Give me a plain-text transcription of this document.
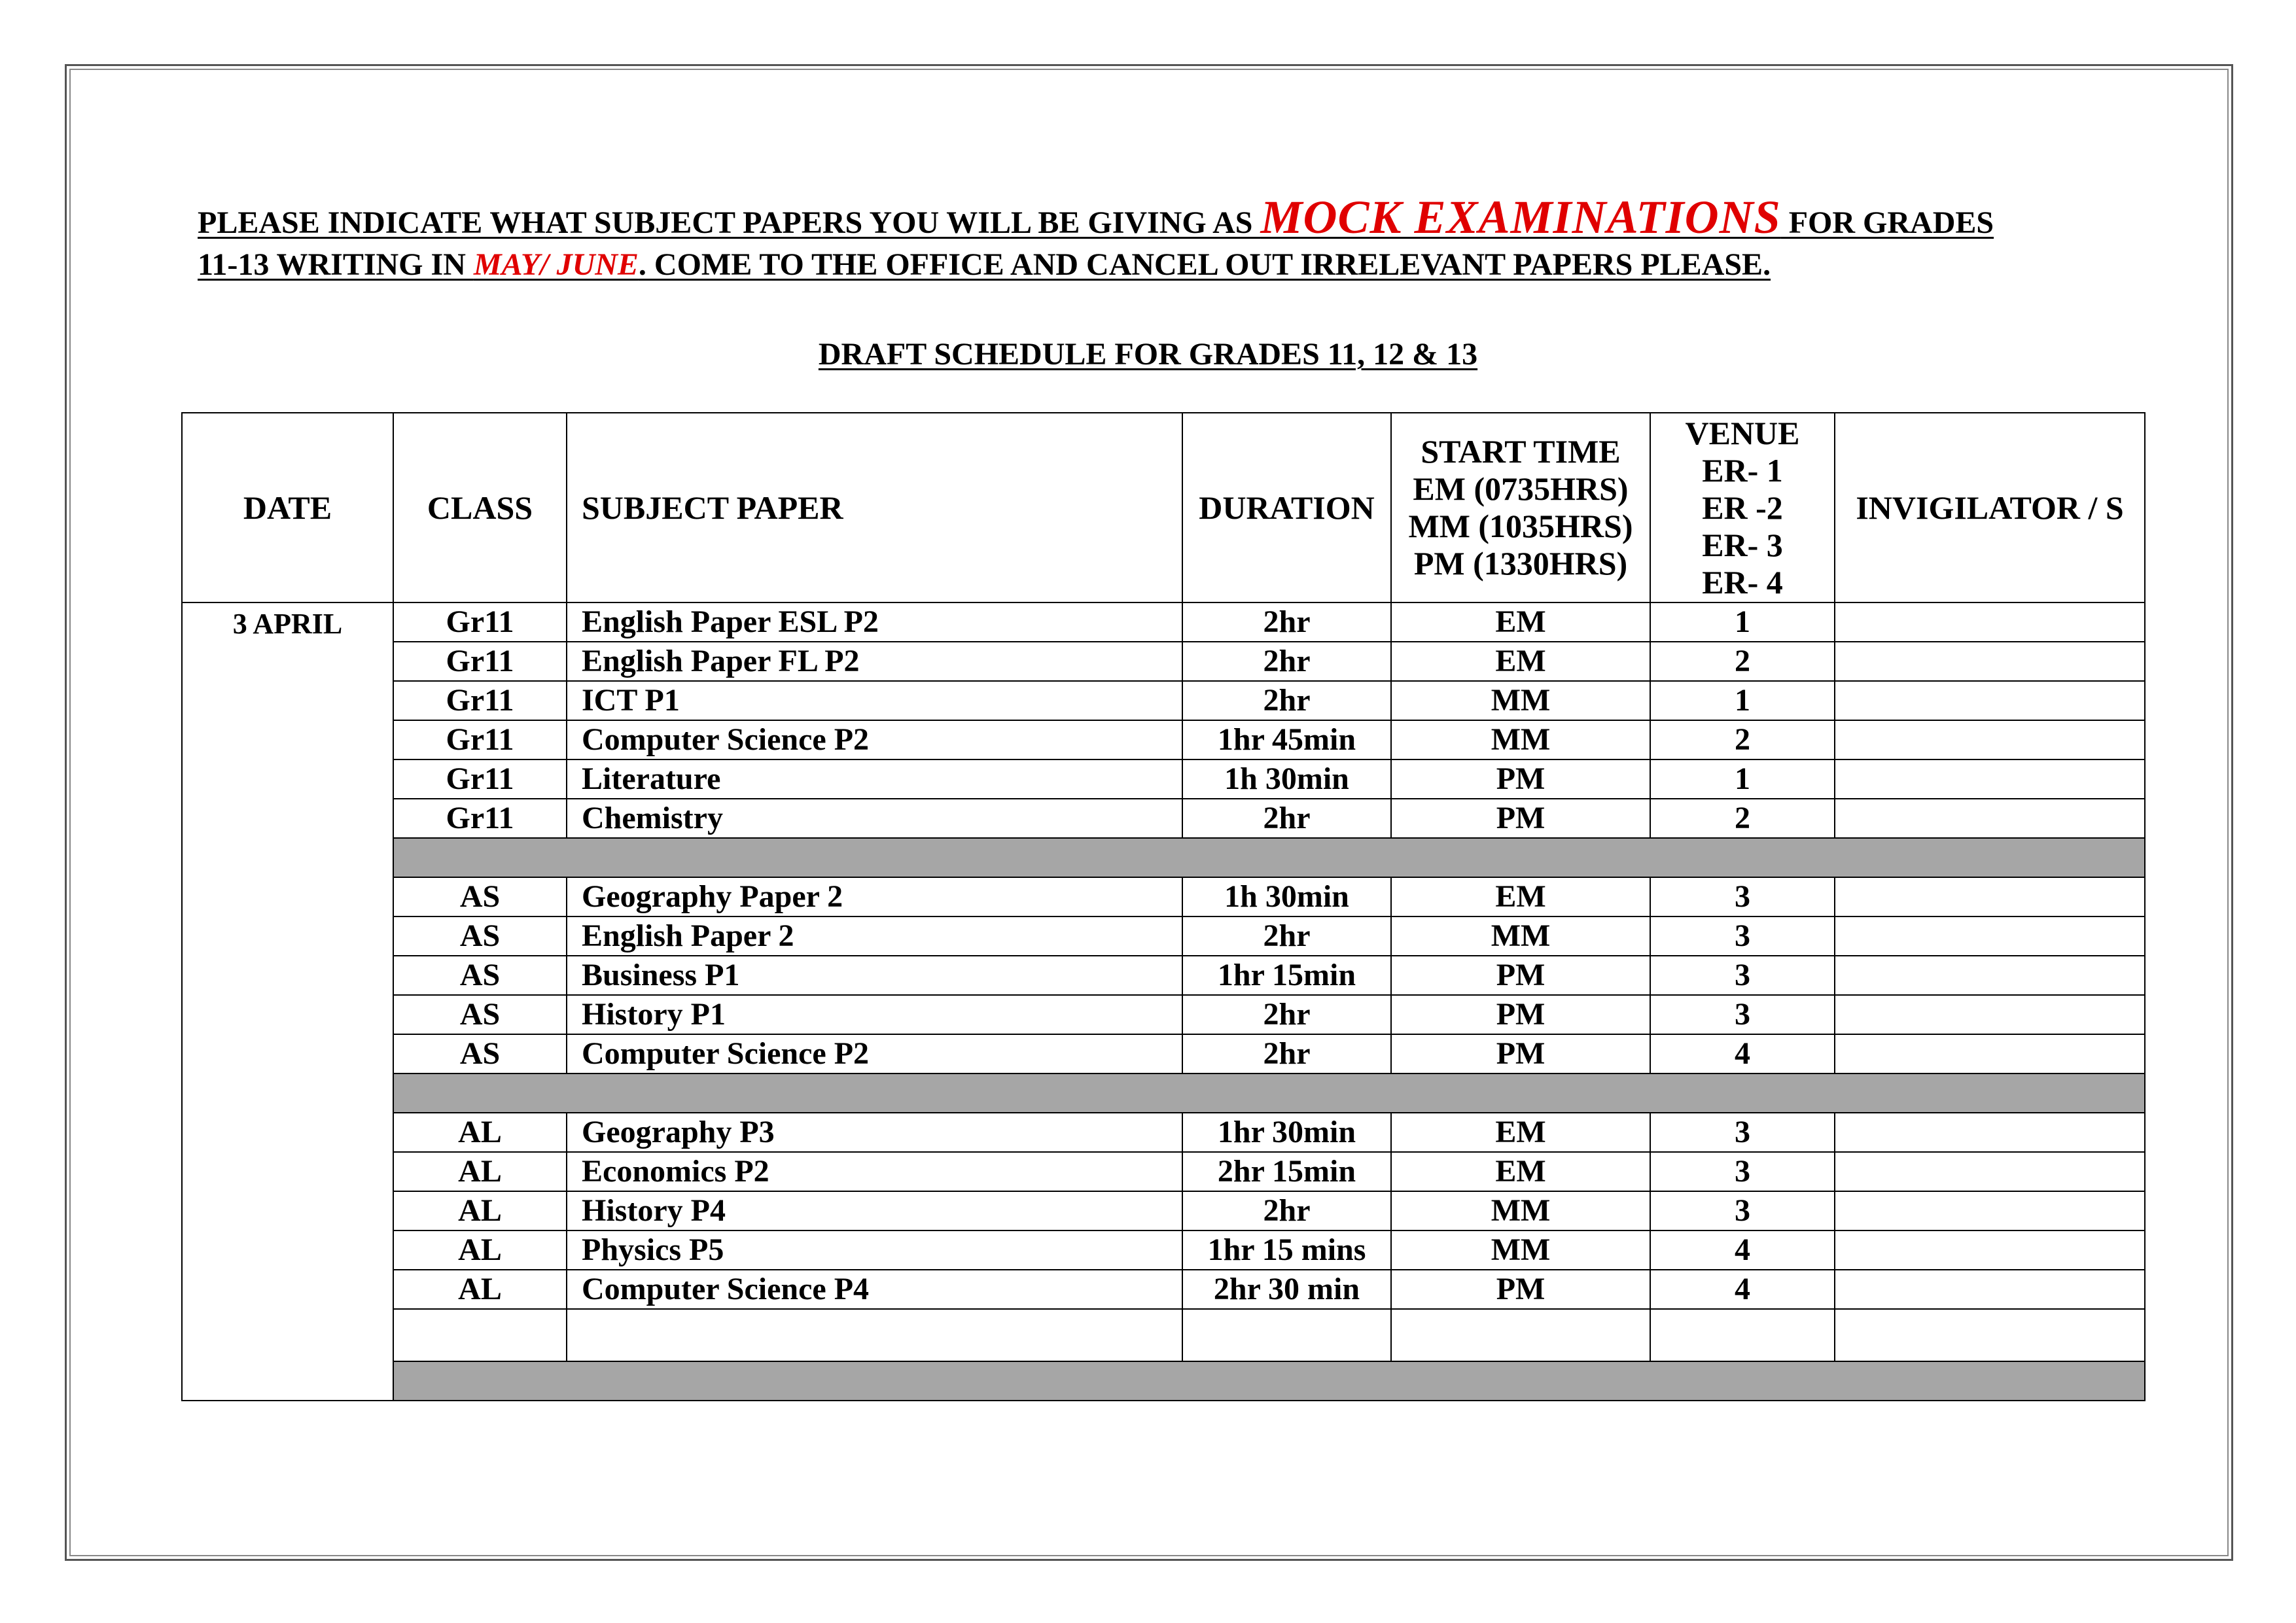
PLEASE INDICATE WHAT SUBJECT PAPERS YOU WILL BE GIVING AS MOCK EXAMINATIONS FOR GRADES
11-13 WRITING IN MAY/ JUNE. COME TO THE OFFICE AND CANCEL OUT IRRELEVANT PAPERS PLEASE.
DRAFT SCHEDULE FOR GRADES 11, 12 & 13
DATE	CLASS	SUBJECT PAPER	DURATION	START TIME
EM (0735HRS)
MM (1035HRS)
PM (1330HRS)	VENUE
ER- 1
ER -2
ER- 3
ER- 4	INVIGILATOR / S
3 APRIL	Gr11	English Paper ESL P2	2hr	EM	1	
	Gr11	English Paper FL P2	2hr	EM	2	
	Gr11	ICT P1	2hr	MM	1	
	Gr11	Computer Science P2	1hr 45min	MM	2	
	Gr11	Literature	1h 30min	PM	1	
	Gr11	Chemistry	2hr	PM	2	

	AS	Geography Paper 2	1h 30min	EM	3	
	AS	English Paper 2	2hr	MM	3	
	AS	Business P1	1hr 15min	PM	3	
	AS	History P1	2hr	PM	3	
	AS	Computer Science P2	2hr	PM	4	

	AL	Geography P3	1hr 30min	EM	3	
	AL	Economics P2	2hr 15min	EM	3	
	AL	History P4	2hr	MM	3	
	AL	Physics P5	1hr 15 mins	MM	4	
	AL	Computer Science P4	2hr 30 min	PM	4	
